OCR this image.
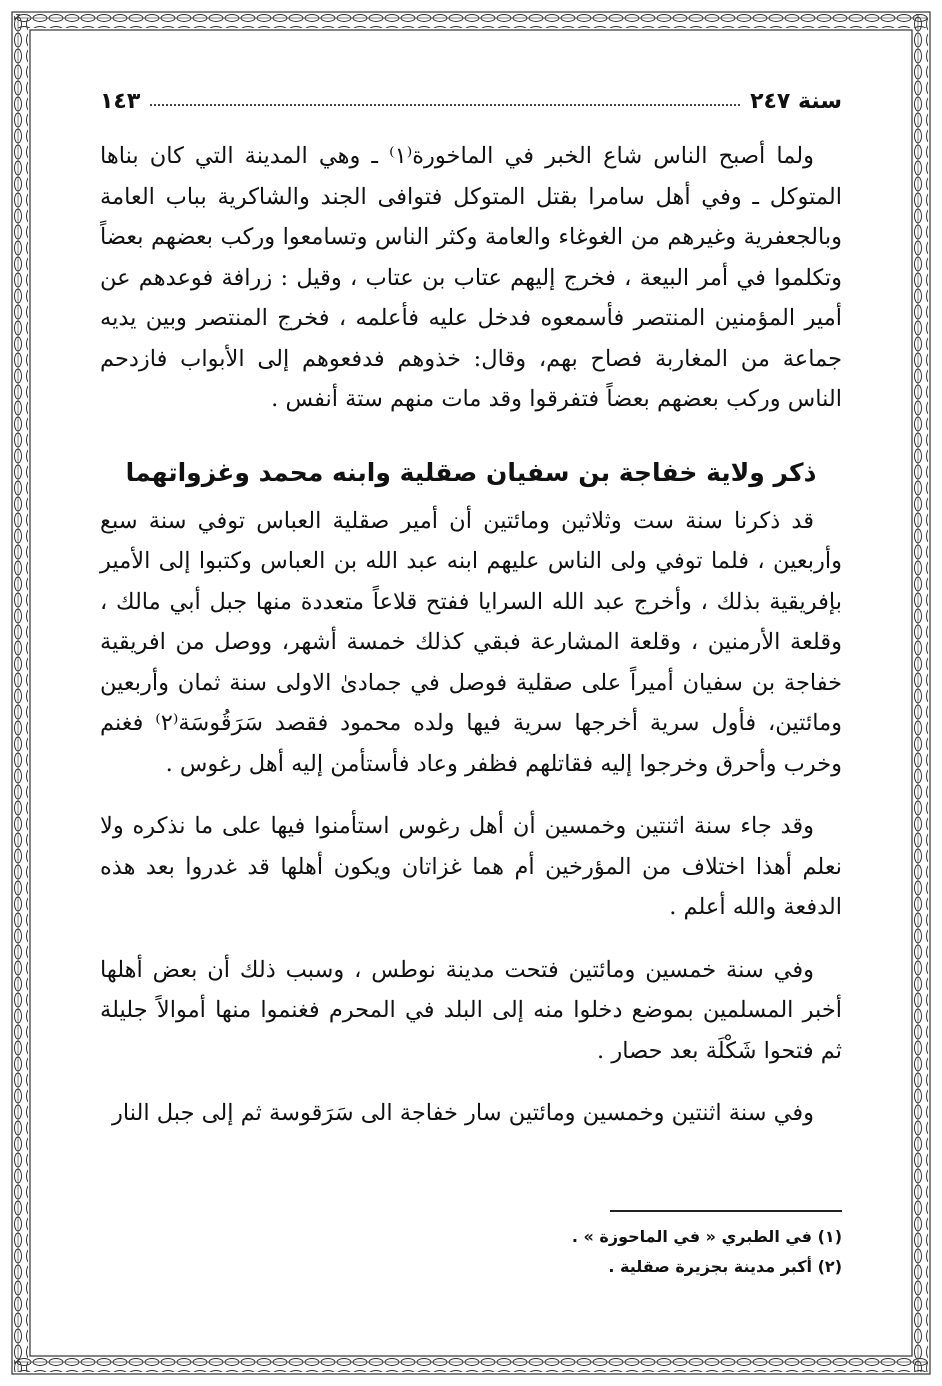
سنة ٢٤٧
١٤٣

ولما أصبح الناس شاع الخبر في الماخورة⁽١⁾ ـ وهي المدينة التي كان بناها المتوكل ـ وفي أهل سامرا بقتل المتوكل فتوافى الجند والشاكرية بباب العامة وبالجعفرية وغيرهم من الغوغاء والعامة وكثر الناس وتسامعوا وركب بعضهم بعضاً وتكلموا في أمر البيعة ، فخرج إليهم عتاب بن عتاب ، وقيل : زرافة فوعدهم عن أمير المؤمنين المنتصر فأسمعوه فدخل عليه فأعلمه ، فخرج المنتصر وبين يديه جماعة من المغاربة فصاح بهم، وقال: خذوهم فدفعوهم إلى الأبواب فازدحم الناس وركب بعضهم بعضاً فتفرقوا وقد مات منهم ستة أنفس .

ذكر ولاية خفاجة بن سفيان صقلية وابنه محمد وغزواتهما

قد ذكرنا سنة ست وثلاثين ومائتين أن أمير صقلية العباس توفي سنة سبع وأربعين ، فلما توفي ولى الناس عليهم ابنه عبد الله بن العباس وكتبوا إلى الأمير بإفريقية بذلك ، وأخرج عبد الله السرايا ففتح قلاعاً متعددة منها جبل أبي مالك ، وقلعة الأرمنين ، وقلعة المشارعة فبقي كذلك خمسة أشهر، ووصل من افريقية خفاجة بن سفيان أميراً على صقلية فوصل في جمادىٰ الاولى سنة ثمان وأربعين ومائتين، فأول سرية أخرجها سرية فيها ولده محمود فقصد سَرَقُوسَة⁽٢⁾ فغنم وخرب وأحرق وخرجوا إليه فقاتلهم فظفر وعاد فأستأمن إليه أهل رغوس .

وقد جاء سنة اثنتين وخمسين أن أهل رغوس استأمنوا فيها على ما نذكره ولا نعلم أهذا اختلاف من المؤرخين أم هما غزاتان ويكون أهلها قد غدروا بعد هذه الدفعة والله أعلم .

وفي سنة خمسين ومائتين فتحت مدينة نوطس ، وسبب ذلك أن بعض أهلها أخبر المسلمين بموضع دخلوا منه إلى البلد في المحرم فغنموا منها أموالاً جليلة ثم فتحوا شَكْلَة بعد حصار .

وفي سنة اثنتين وخمسين ومائتين سار خفاجة الى سَرَقوسة ثم إلى جبل النار

(١) في الطبري « في الماحوزة » .
(٢) أكبر مدينة بجزيرة صقلية .
